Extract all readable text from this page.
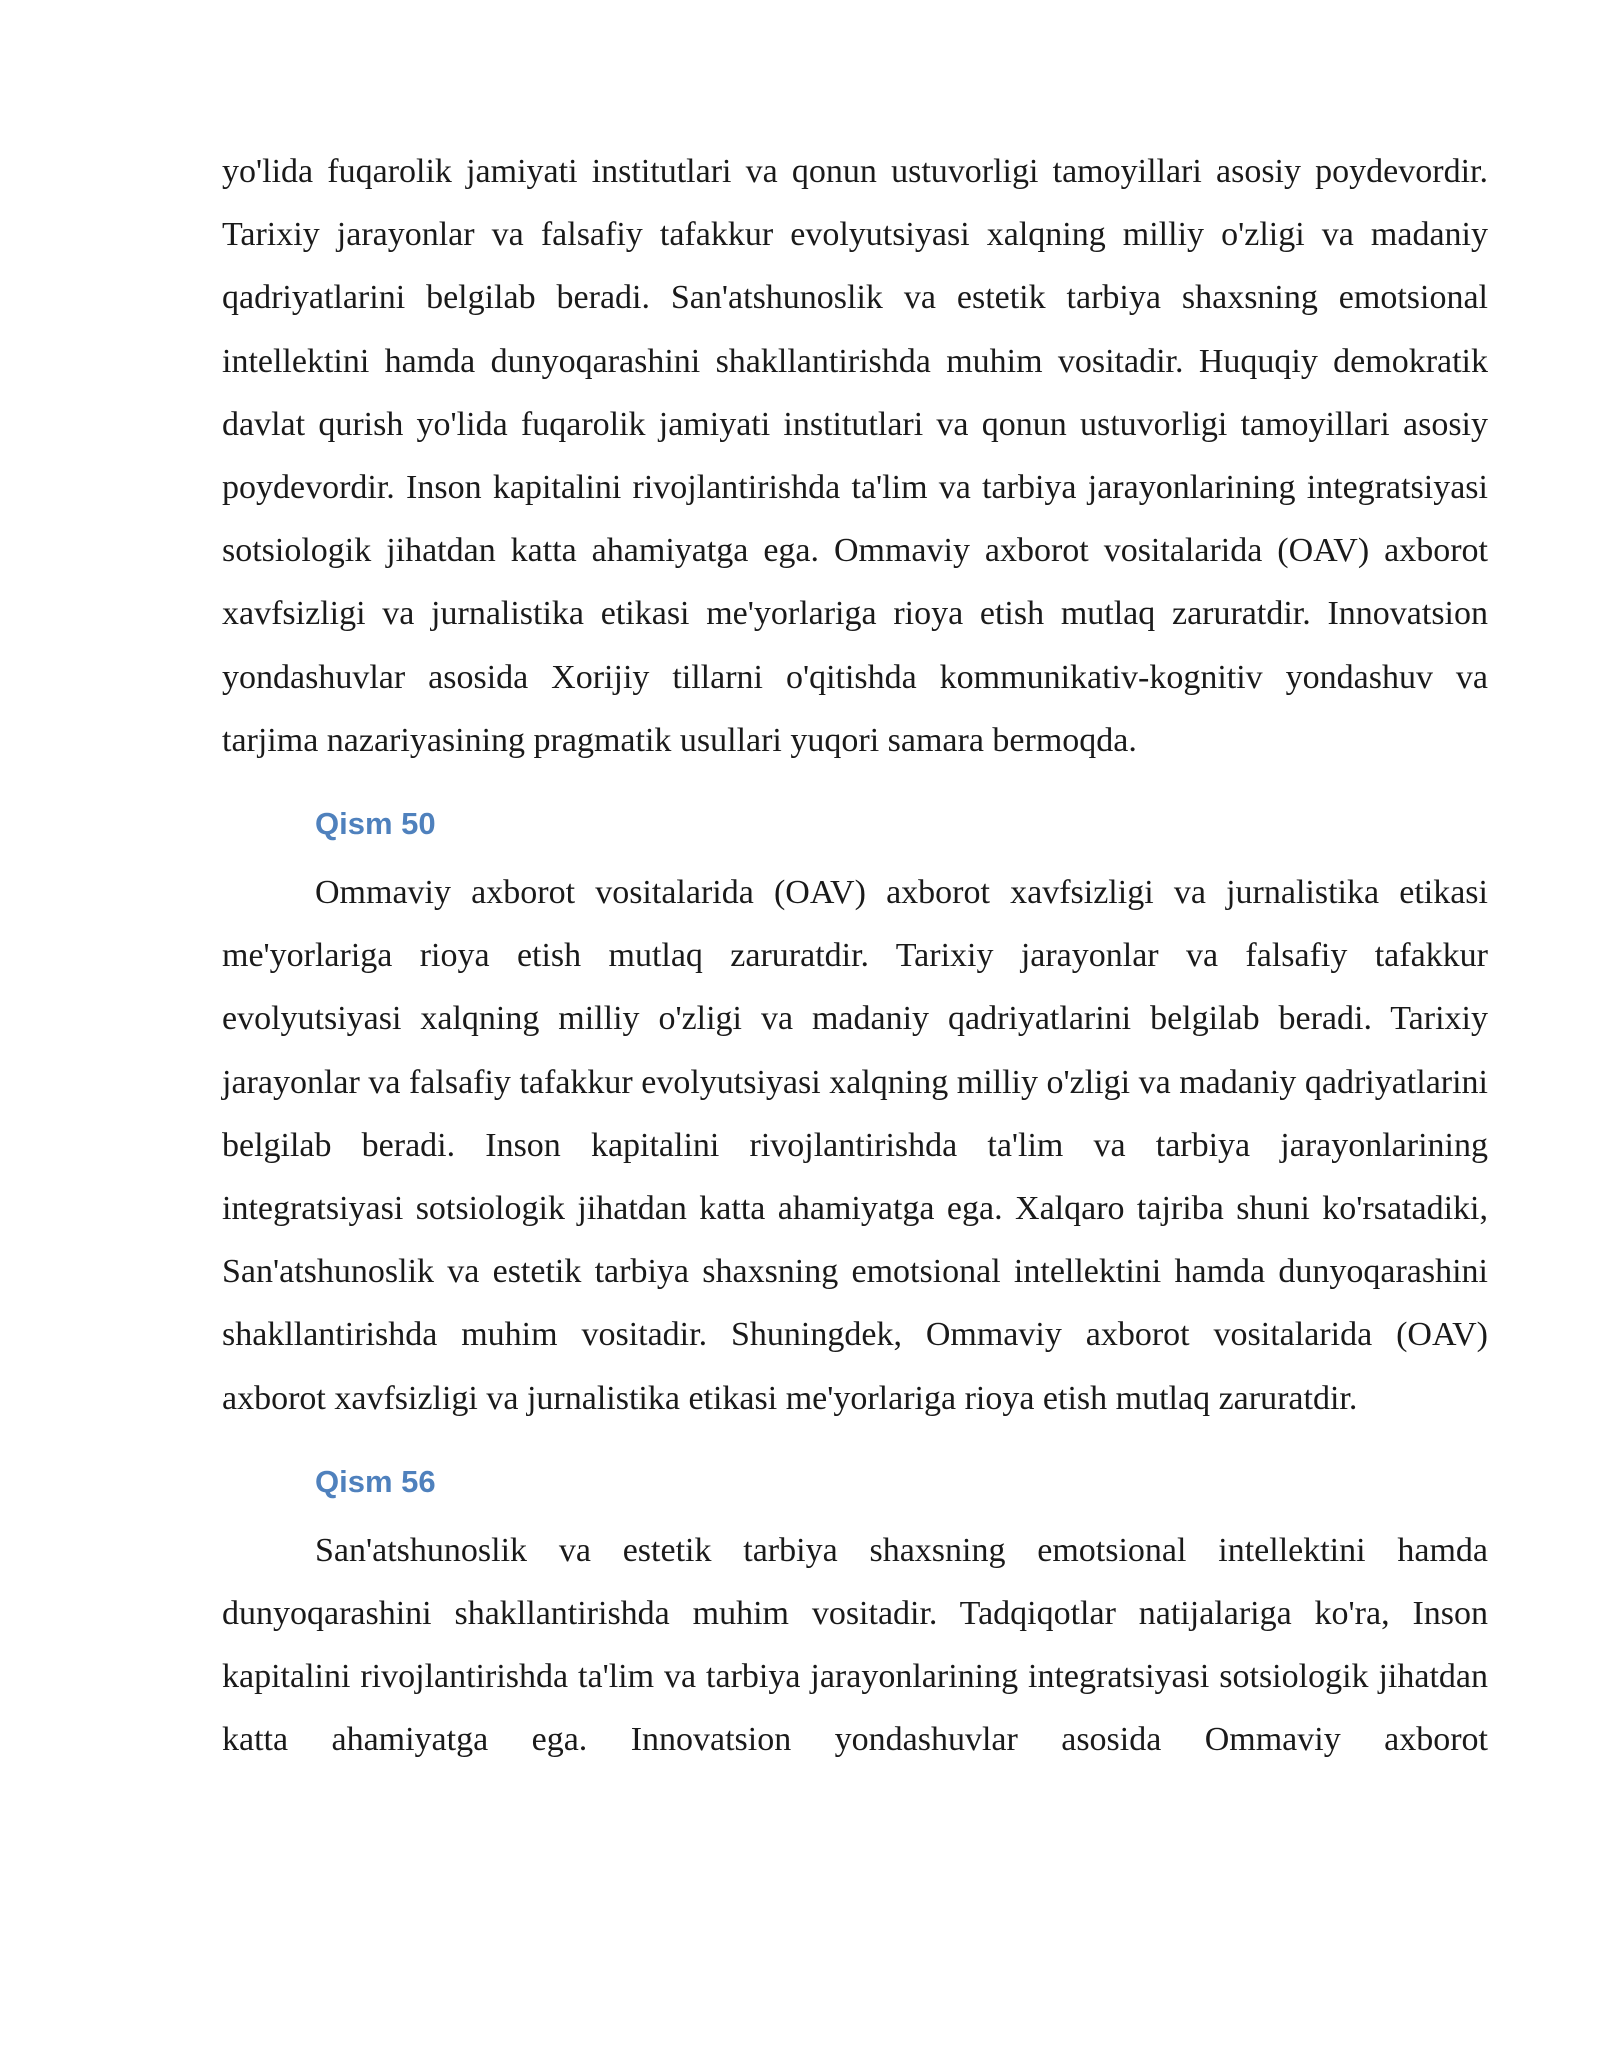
yo'lida fuqarolik jamiyati institutlari va qonun ustuvorligi tamoyillari asosiy poydevordir. Tarixiy jarayonlar va falsafiy tafakkur evolyutsiyasi xalqning milliy o'zligi va madaniy qadriyatlarini belgilab beradi. San'atshunoslik va estetik tarbiya shaxsning emotsional intellektini hamda dunyoqarashini shakllantirishda muhim vositadir. Huquqiy demokratik davlat qurish yo'lida fuqarolik jamiyati institutlari va qonun ustuvorligi tamoyillari asosiy poydevordir. Inson kapitalini rivojlantirishda ta'lim va tarbiya jarayonlarining integratsiyasi sotsiologik jihatdan katta ahamiyatga ega. Ommaviy axborot vositalarida (OAV) axborot xavfsizligi va jurnalistika etikasi me'yorlariga rioya etish mutlaq zaruratdir. Innovatsion yondashuvlar asosida Xorijiy tillarni o'qitishda kommunikativ-kognitiv yondashuv va tarjima nazariyasining pragmatik usullari yuqori samara bermoqda.

Qism 50

Ommaviy axborot vositalarida (OAV) axborot xavfsizligi va jurnalistika etikasi me'yorlariga rioya etish mutlaq zaruratdir. Tarixiy jarayonlar va falsafiy tafakkur evolyutsiyasi xalqning milliy o'zligi va madaniy qadriyatlarini belgilab beradi. Tarixiy jarayonlar va falsafiy tafakkur evolyutsiyasi xalqning milliy o'zligi va madaniy qadriyatlarini belgilab beradi. Inson kapitalini rivojlantirishda ta'lim va tarbiya jarayonlarining integratsiyasi sotsiologik jihatdan katta ahamiyatga ega. Xalqaro tajriba shuni ko'rsatadiki, San'atshunoslik va estetik tarbiya shaxsning emotsional intellektini hamda dunyoqarashini shakllantirishda muhim vositadir. Shuningdek, Ommaviy axborot vositalarida (OAV) axborot xavfsizligi va jurnalistika etikasi me'yorlariga rioya etish mutlaq zaruratdir.

Qism 56

San'atshunoslik va estetik tarbiya shaxsning emotsional intellektini hamda dunyoqarashini shakllantirishda muhim vositadir. Tadqiqotlar natijalariga ko'ra, Inson kapitalini rivojlantirishda ta'lim va tarbiya jarayonlarining integratsiyasi sotsiologik jihatdan katta ahamiyatga ega. Innovatsion yondashuvlar asosida Ommaviy axborot
